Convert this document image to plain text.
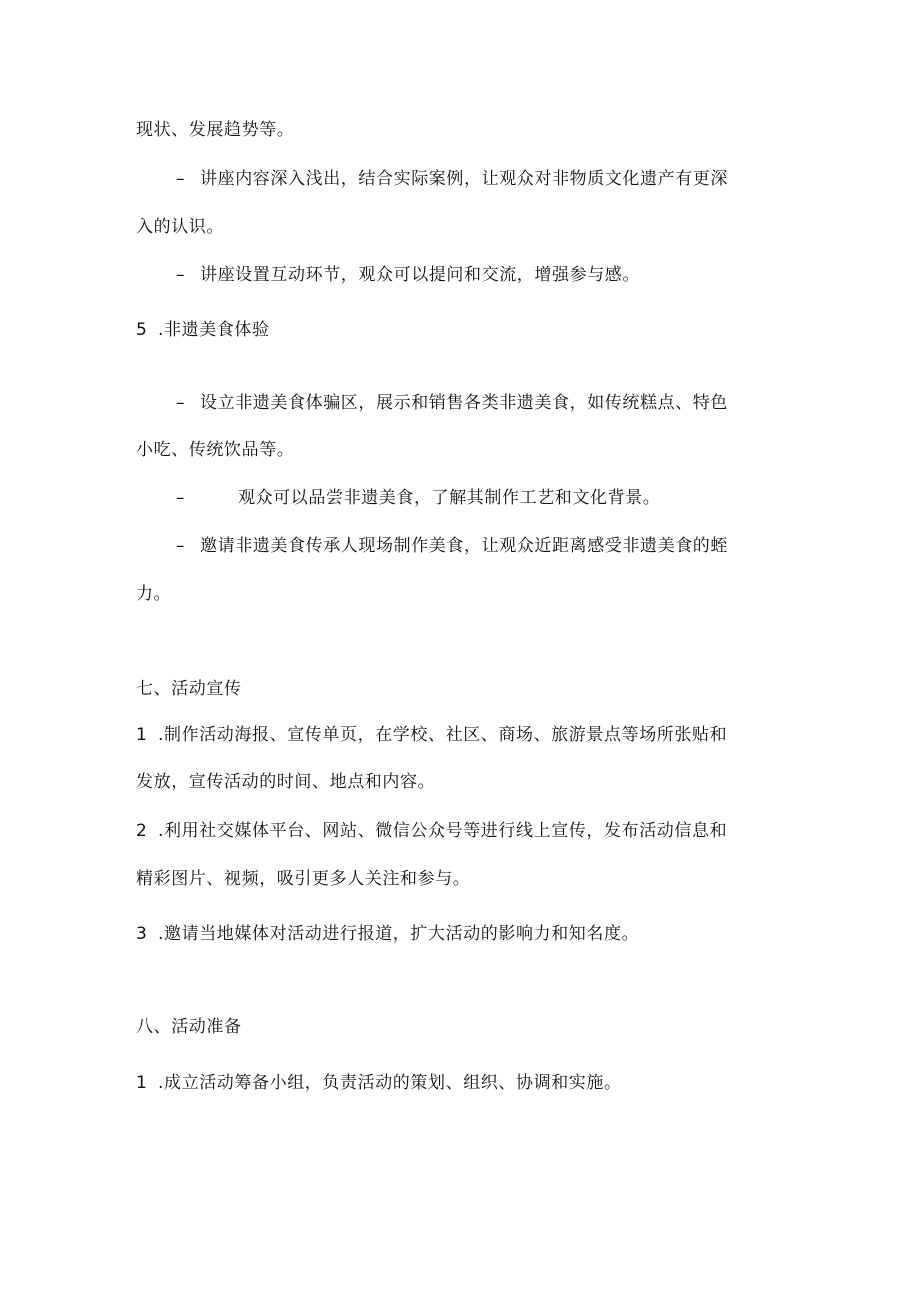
现状、发展趋势等。
– 讲座内容深入浅出，结合实际案例，让观众对非物质文化遗产有更深
入的认识。
– 讲座设置互动环节，观众可以提问和交流，增强参与感。
5 .非遗美食体验
– 设立非遗美食体骗区，展示和销售各类非遗美食，如传统糕点、特色
小吃、传统饮品等。
–	观众可以品尝非遗美食，了解其制作工艺和文化背景。
– 邀请非遗美食传承人现场制作美食，让观众近距离感受非遗美食的蛭
力。
七、活动宣传
1 .制作活动海报、宣传单页，在学校、社区、商场、旅游景点等场所张贴和
发放，宣传活动的时间、地点和内容。
2 .利用社交媒体平台、网站、微信公众号等进行线上宣传，发布活动信息和
精彩图片、视频，吸引更多人关注和参与。
3 .邀请当地媒体对活动进行报道，扩大活动的影响力和知名度。
八、活动准备
1 .成立活动筹备小组，负责活动的策划、组织、协调和实施。
